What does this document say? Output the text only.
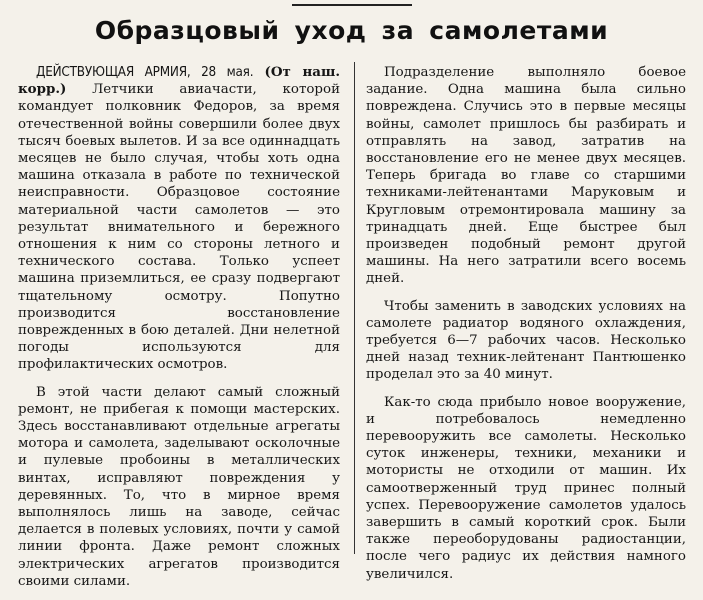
Образцовый уход за самолетами

ДЕЙСТВУЮЩАЯ АРМИЯ, 28 мая. (От наш. корр.) Летчики авиачасти, которой командует полковник Федоров, за время отечественной войны совершили более двух тысяч боевых вылетов. И за все одиннадцать месяцев не было случая, чтобы хоть одна машина отказала в работе по технической неисправности. Образцовое состояние материальной части самолетов — это результат внимательного и бережного отношения к ним со стороны летного и технического состава. Только успеет машина приземлиться, ее сразу подвергают тщательному осмотру. Попутно производится восстановление поврежденных в бою деталей. Дни нелетной погоды используются для профилактических осмотров.

В этой части делают самый сложный ремонт, не прибегая к помощи мастерских. Здесь восстанавливают отдельные агрегаты мотора и самолета, заделывают осколочные и пулевые пробоины в металлических винтах, исправляют повреждения у деревянных. То, что в мирное время выполнялось лишь на заводе, сейчас делается в полевых условиях, почти у самой линии фронта. Даже ремонт сложных электрических агрегатов производится своими силами.

Подразделение выполняло боевое задание. Одна машина была сильно повреждена. Случись это в первые месяцы войны, самолет пришлось бы разбирать и отправлять на завод, затратив на восстановление его не менее двух месяцев. Теперь бригада во главе со старшими техниками-лейтенантами Маруковым и Кругловым отремонтировала машину за тринадцать дней. Еще быстрее был произведен подобный ремонт другой машины. На него затратили всего восемь дней.

Чтобы заменить в заводских условиях на самолете радиатор водяного охлаждения, требуется 6—7 рабочих часов. Несколько дней назад техник-лейтенант Пантюшенко проделал это за 40 минут.

Как-то сюда прибыло новое вооружение, и потребовалось немедленно перевооружить все самолеты. Несколько суток инженеры, техники, механики и мотористы не отходили от машин. Их самоотверженный труд принес полный успех. Перевооружение самолетов удалось завершить в самый короткий срок. Были также переоборудованы радиостанции, после чего радиус их действия намного увеличился.
